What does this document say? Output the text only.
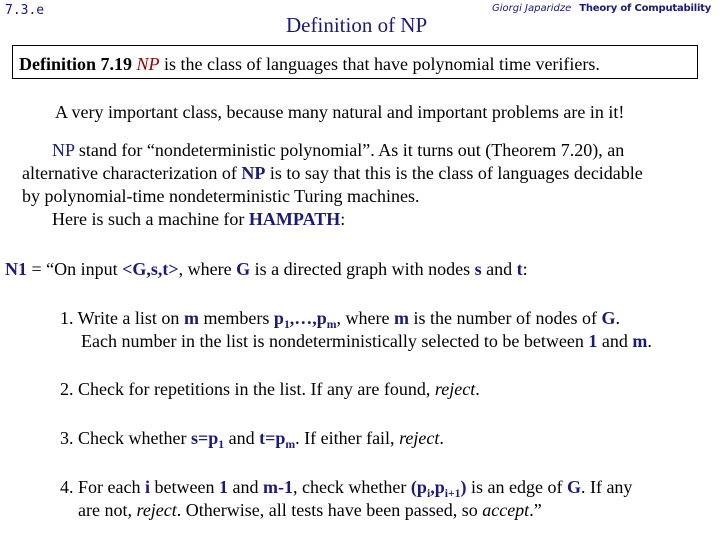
7.3.e
Definition of NP
Giorgi Japaridze Theory of Computability
Definition 7.19 NP is the class of languages that have polynomial time verifiers.
A very important class, because many natural and important problems are in it!
NP stand for “nondeterministic polynomial”. As it turns out (Theorem 7.20), an
alternative characterization of NP is to say that this is the class of languages decidable
by polynomial-time nondeterministic Turing machines.
Here is such a machine for HAMPATH:
N1 = “On input <G,s,t>, where G is a directed graph with nodes s and t:
1. Write a list on m members $p_1,\dots,p_m$, where m is the number of nodes of G.
Each number in the list is nondeterministically selected to be between 1 and m.
2. Check for repetitions in the list. If any are found, reject.
3. Check whether $s=p_1$ and $t=p_m$. If either fail, reject.
4. For each i between 1 and m-1, check whether $(p_i,p_{i+1})$ is an edge of G. If any
are not, reject. Otherwise, all tests have been passed, so accept.”
